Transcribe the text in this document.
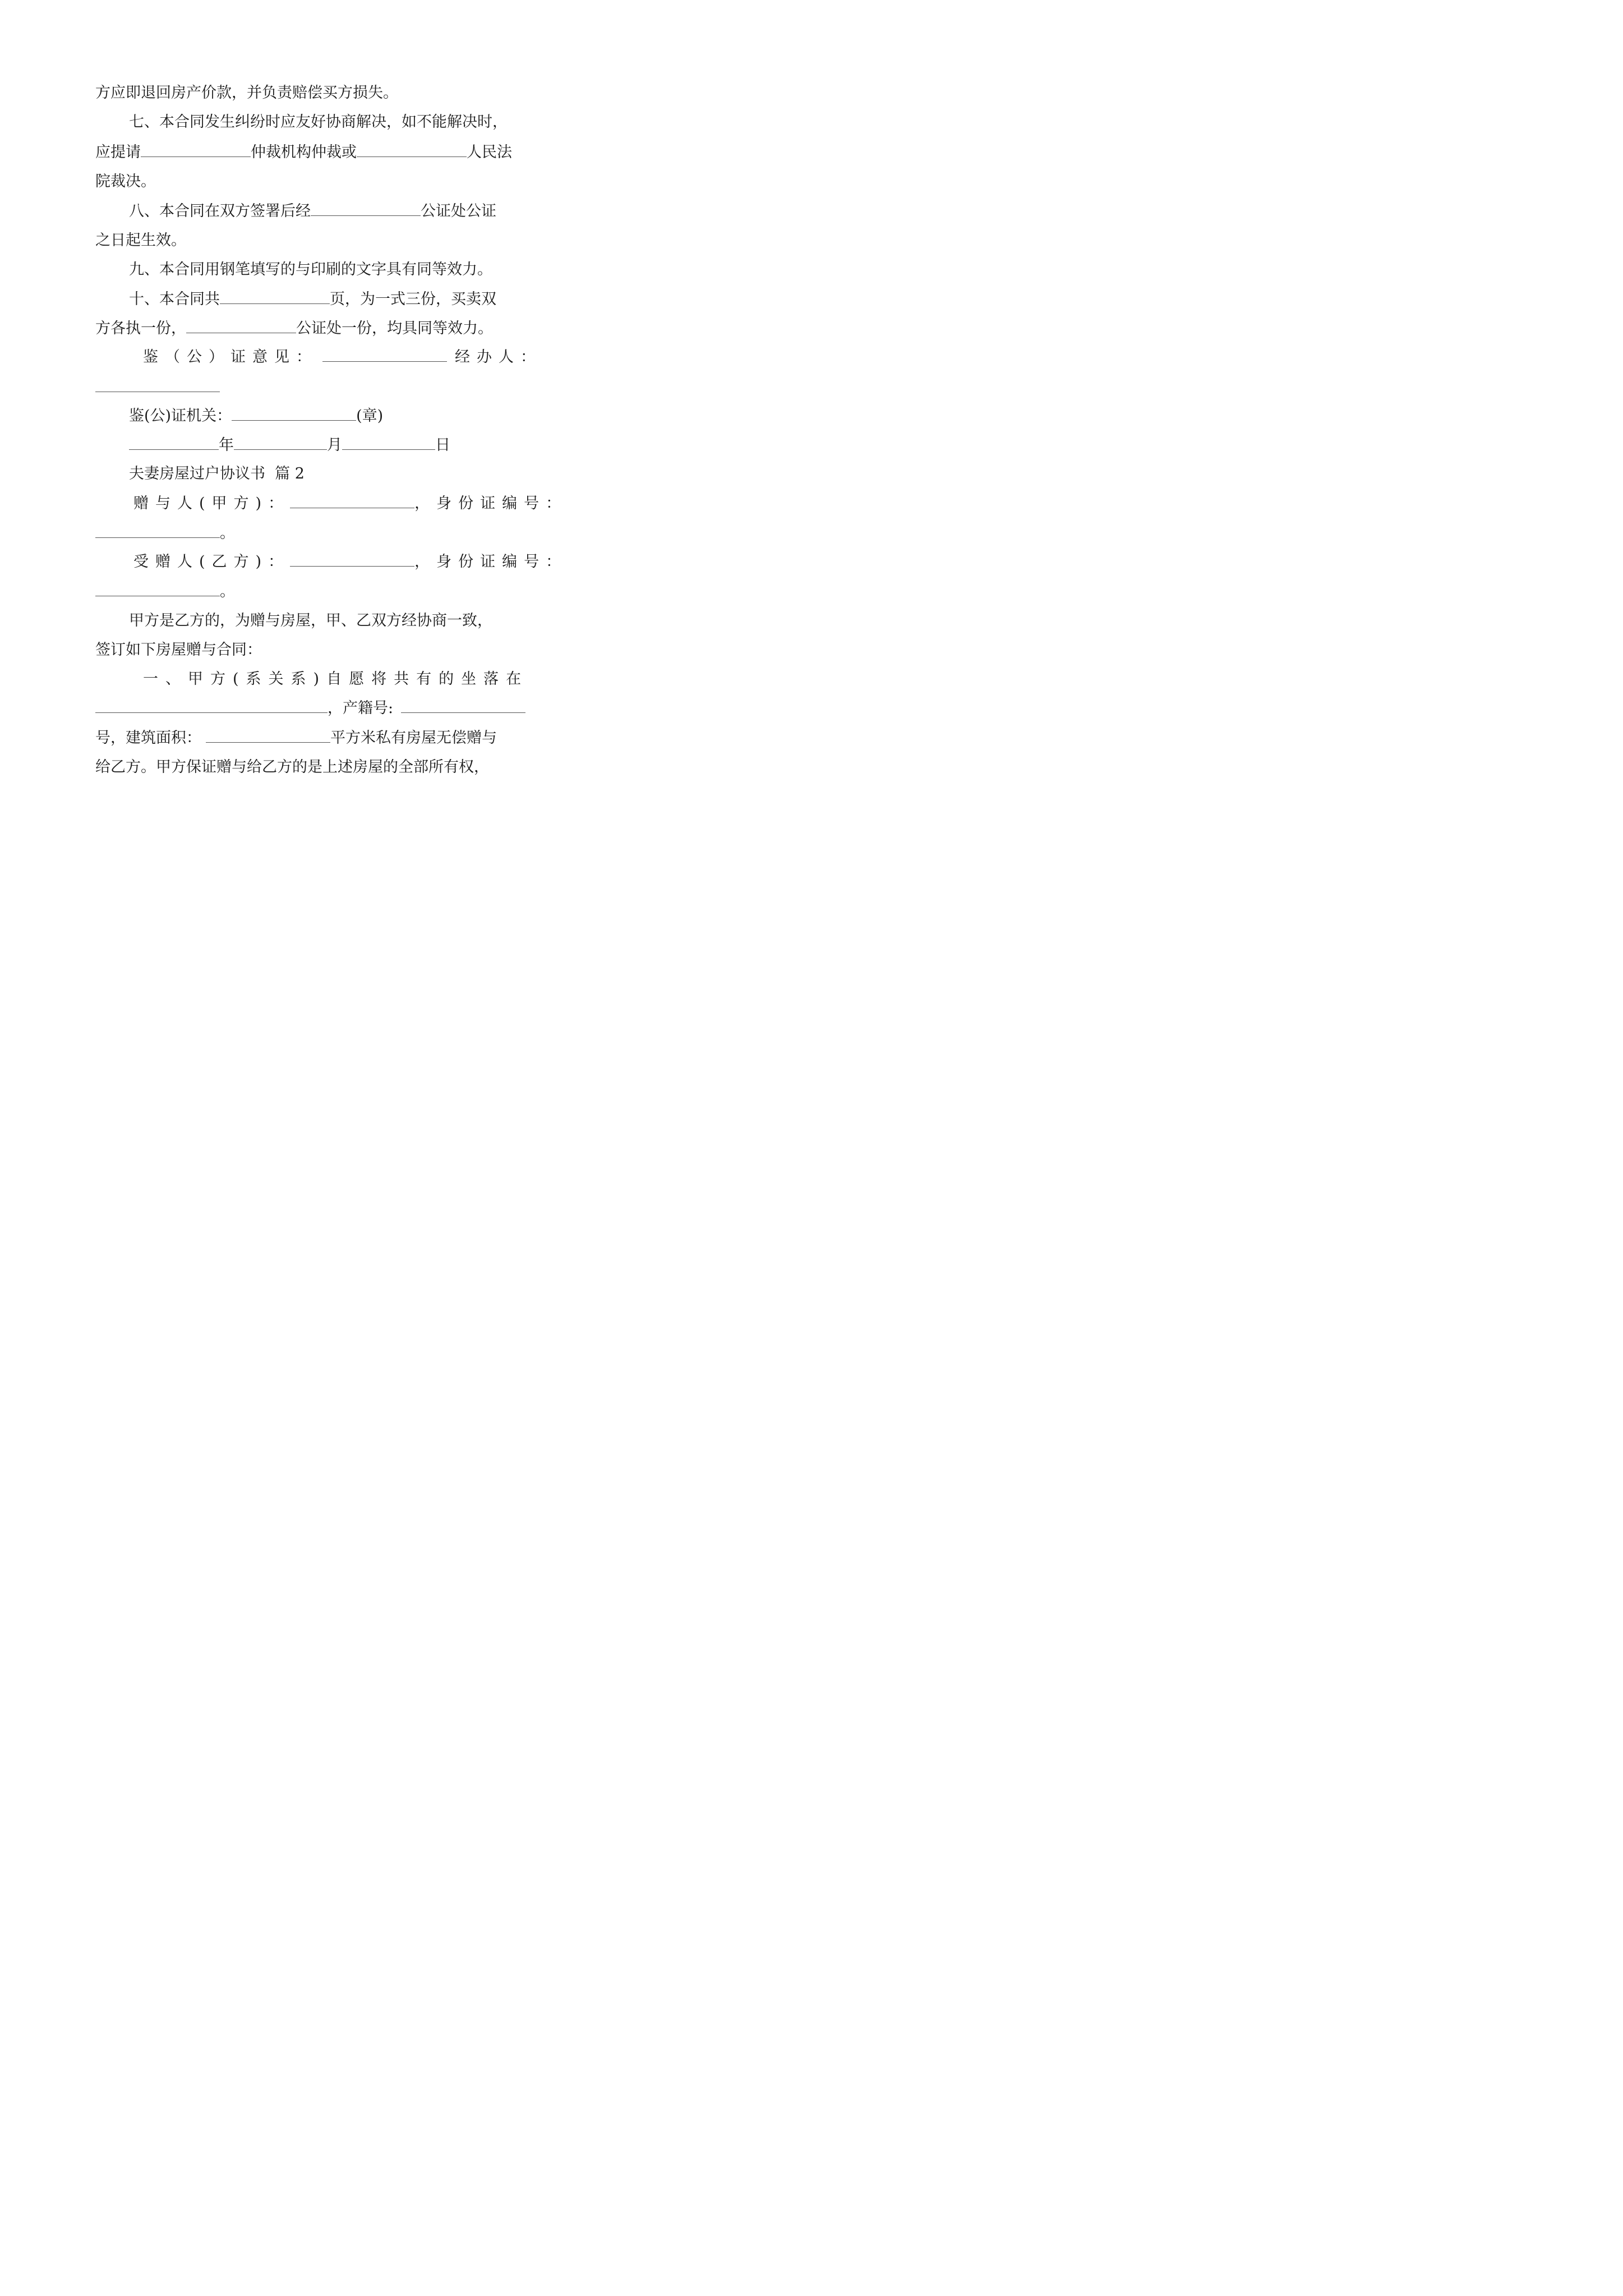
方应即退回房产价款，并负责赔偿买方损失。
七、本合同发生纠纷时应友好协商解决，如不能解决时，
应提请	仲裁机构仲裁或	人民法
院裁决。
八、本合同在双方签署后经	公证处公证
之日起生效。
九、本合同用钢笔填写的与印刷的文字具有同等效力。
十、本合同共	页，为一式三份，买卖双
方各执一份，	公证处一份，均具同等效力。
鉴（公）证意见：	经办人：
鉴(公)证机关：	(章)
年	月	日
夫妻房屋过户协议书  篇 2
赠与人(甲方)：	，身份证编号：
。
受赠人(乙方)：	，身份证编号：
。
甲方是乙方的，为赠与房屋，甲、乙双方经协商一致，
签订如下房屋赠与合同：
一、甲方(系关系)自愿将共有的坐落在
，产籍号:
号，建筑面积：	平方米私有房屋无偿赠与
给乙方。甲方保证赠与给乙方的是上述房屋的全部所有权，
